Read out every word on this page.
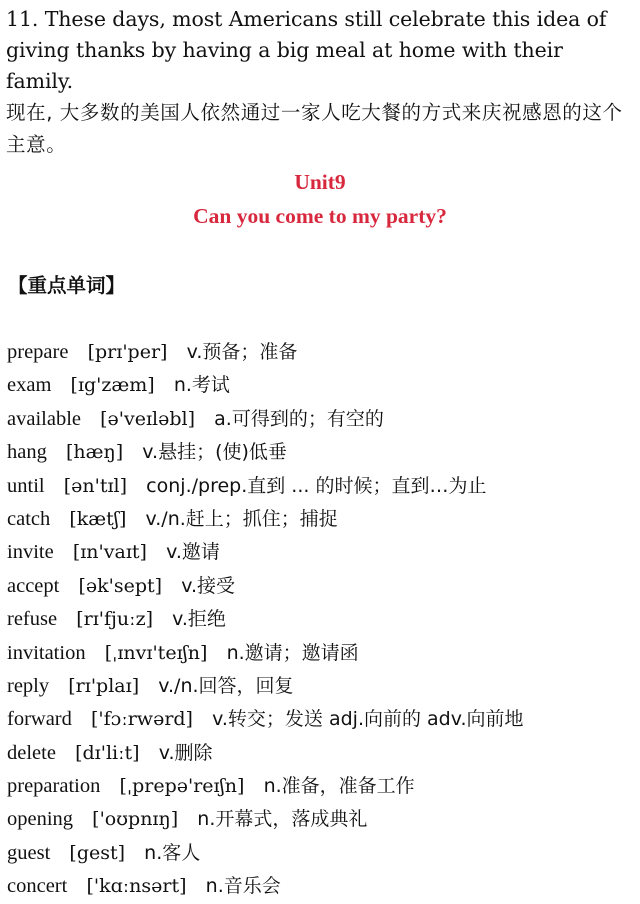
11. These days, most Americans still celebrate this idea of giving thanks by having a big meal at home with their family.

现在, 大多数的美国人依然通过一家人吃大餐的方式来庆祝感恩的这个主意。

Unit9
Can you come to my party?
【重点单词】
prepare [prɪ'per] v.预备；准备
exam [ɪg'zæm] n.考试
available [ə'veɪləbl] a.可得到的；有空的
hang [hæŋ] v.悬挂；(使)低垂
until [ən'tɪl] conj./prep.直到 ... 的时候；直到…为止
catch [kætʃ] v./n.赶上；抓住；捕捉
invite [ɪn'vaɪt] v.邀请
accept [ək'sept] v.接受
refuse [rɪ'fjuːz] v.拒绝
invitation [ˌɪnvɪ'teɪʃn] n.邀请；邀请函
reply [rɪ'plaɪ] v./n.回答，回复
forward ['fɔːrwərd] v.转交；发送 adj.向前的 adv.向前地
delete [dɪ'liːt] v.删除
preparation [ˌprepə'reɪʃn] n.准备，准备工作
opening ['oʊpnɪŋ] n.开幕式，落成典礼
guest [gest] n.客人
concert ['kɑːnsərt] n.音乐会
